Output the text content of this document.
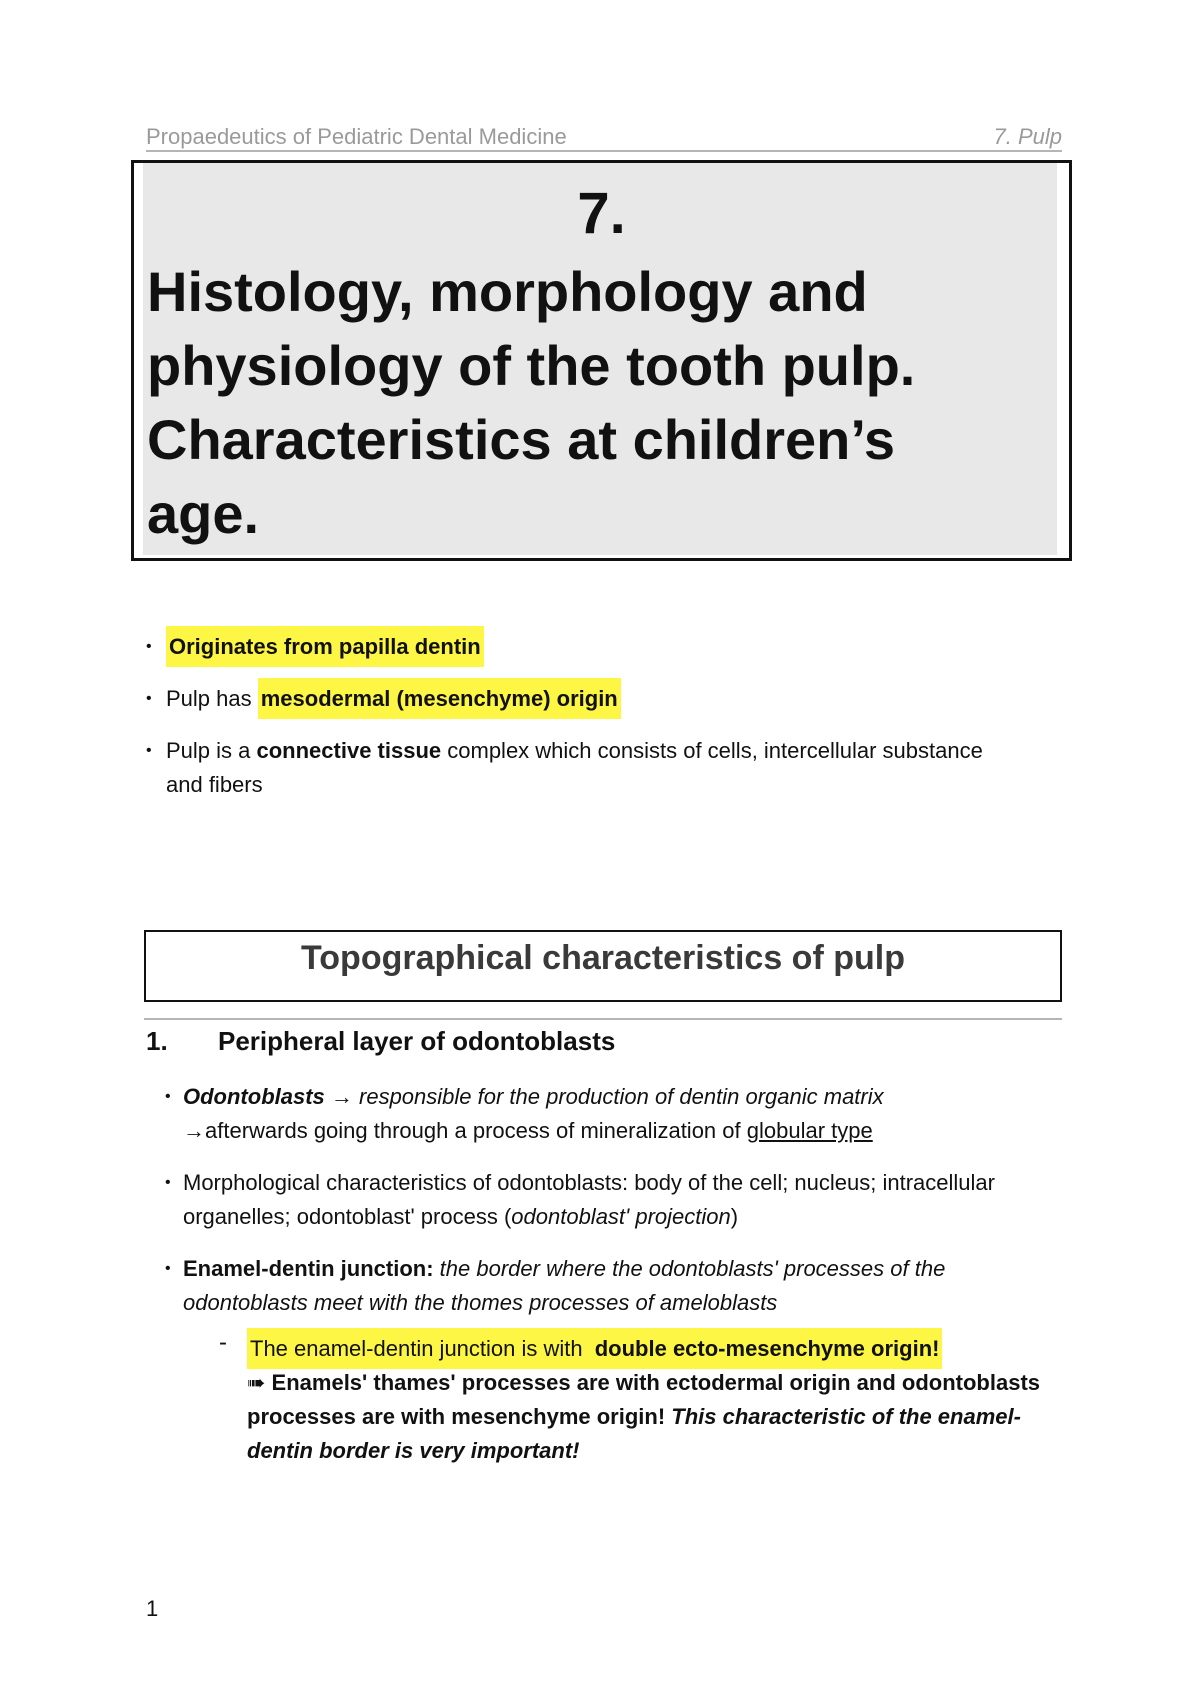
Propaedeutics of Pediatric Dental Medicine	7. Pulp
7.
Histology, morphology and physiology of the tooth pulp. Characteristics at children’s age.
• Originates from papilla dentin
• Pulp has mesodermal (mesenchyme) origin
• Pulp is a connective tissue complex which consists of cells, intercellular substance and fibers
Topographical characteristics of pulp
1. Peripheral layer of odontoblasts
• Odontoblasts → responsible for the production of dentin organic matrix
→afterwards going through a process of mineralization of globular type
• Morphological characteristics of odontoblasts: body of the cell; nucleus; intracellular organelles; odontoblast' process (odontoblast' projection)
• Enamel-dentin junction: the border where the odontoblasts' processes of the odontoblasts meet with the thomes processes of ameloblasts
- The enamel-dentin junction is with double ecto-mesenchyme origin!
➠ Enamels' thames' processes are with ectodermal origin and odontoblasts processes are with mesenchyme origin! This characteristic of the enamel-dentin border is very important!
1
